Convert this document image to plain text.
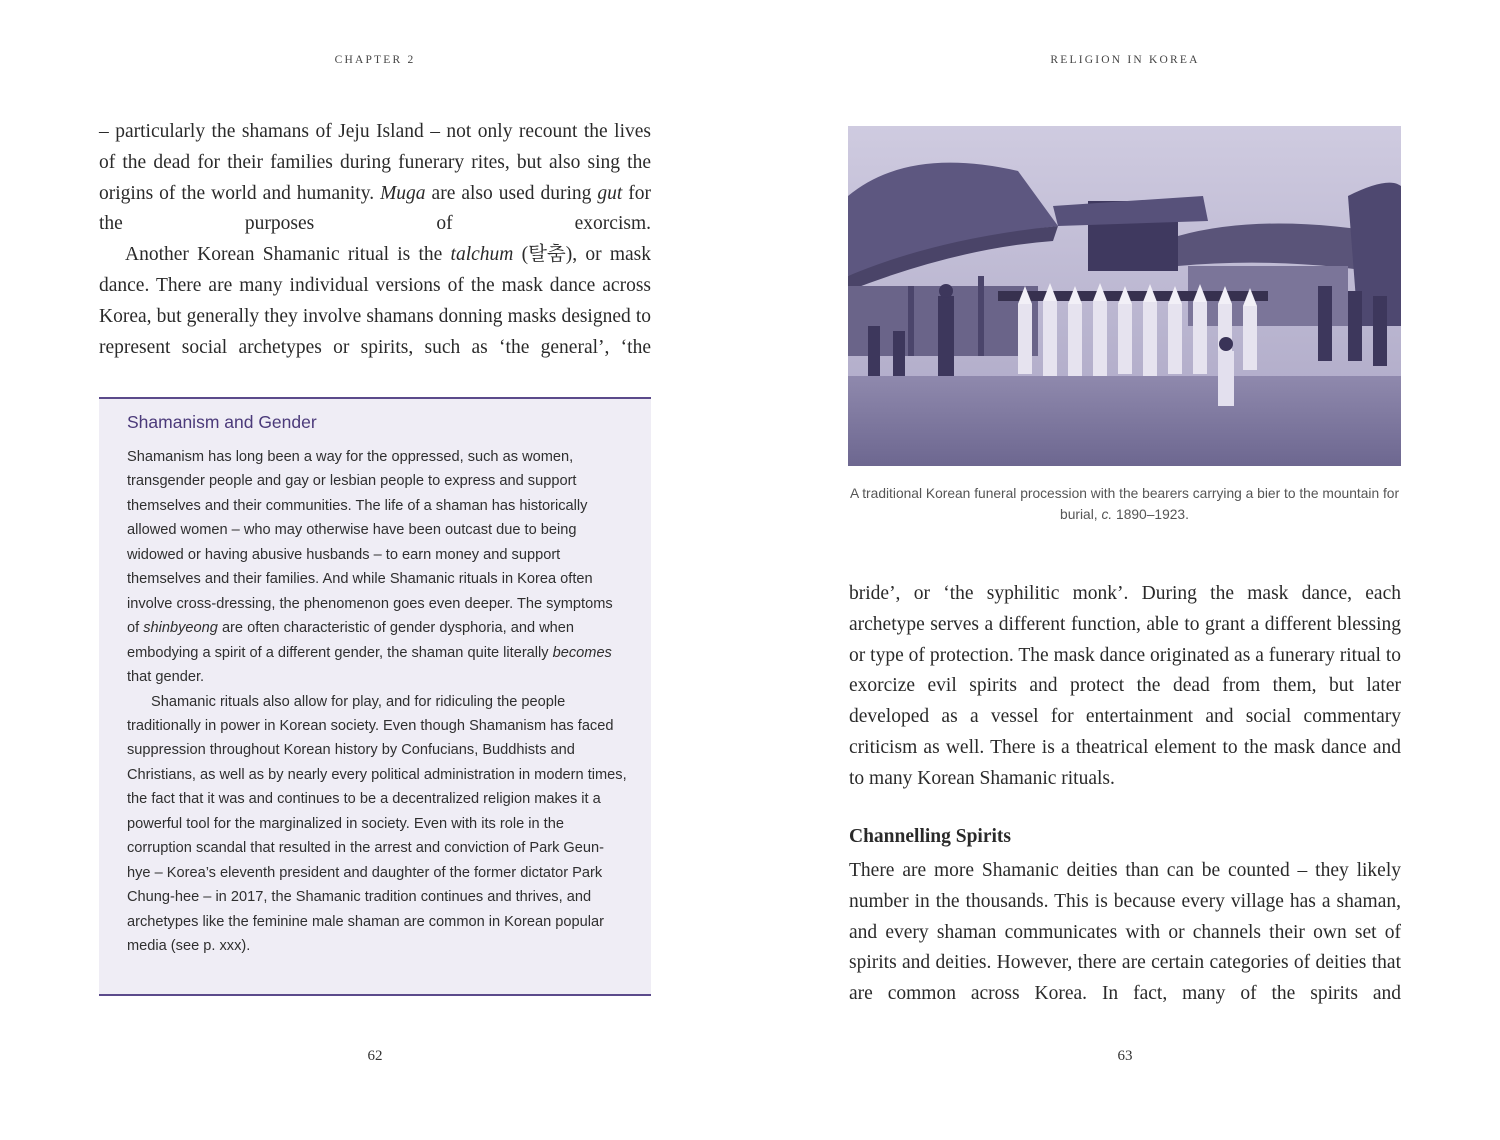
CHAPTER 2

– particularly the shamans of Jeju Island – not only recount the lives of the dead for their families during funerary rites, but also sing the origins of the world and humanity. Muga are also used during gut for the purposes of exorcism.

Another Korean Shamanic ritual is the talchum (탈춤), or mask dance. There are many individual versions of the mask dance across Korea, but generally they involve shamans donning masks designed to represent social archetypes or spirits, such as ‘the general’, ‘the

Shamanism and Gender

Shamanism has long been a way for the oppressed, such as women, transgender people and gay or lesbian people to express and support themselves and their communities. The life of a shaman has historically allowed women – who may otherwise have been outcast due to being widowed or having abusive husbands – to earn money and support themselves and their families. And while Shamanic rituals in Korea often involve cross-dressing, the phenomenon goes even deeper. The symptoms of shinbyeong are often characteristic of gender dysphoria, and when embodying a spirit of a different gender, the shaman quite literally becomes that gender.

Shamanic rituals also allow for play, and for ridiculing the people traditionally in power in Korean society. Even though Shamanism has faced suppression throughout Korean history by Confucians, Buddhists and Christians, as well as by nearly every political administration in modern times, the fact that it was and continues to be a decentralized religion makes it a powerful tool for the marginalized in society. Even with its role in the corruption scandal that resulted in the arrest and conviction of Park Geun-hye – Korea’s eleventh president and daughter of the former dictator Park Chung-hee – in 2017, the Shamanic tradition continues and thrives, and archetypes like the feminine male shaman are common in Korean popular media (see p. xxx).

62
RELIGION IN KOREA
A traditional Korean funeral procession with the bearers carrying a bier to the mountain for burial, c. 1890–1923.

bride’, or ‘the syphilitic monk’. During the mask dance, each archetype serves a different function, able to grant a different blessing or type of protection. The mask dance originated as a funerary ritual to exorcize evil spirits and protect the dead from them, but later developed as a vessel for entertainment and social commentary criticism as well. There is a theatrical element to the mask dance and to many Korean Shamanic rituals.

Channelling Spirits

There are more Shamanic deities than can be counted – they likely number in the thousands. This is because every village has a shaman, and every shaman communicates with or channels their own set of spirits and deities. However, there are certain categories of deities that are common across Korea. In fact, many of the spirits and

63
